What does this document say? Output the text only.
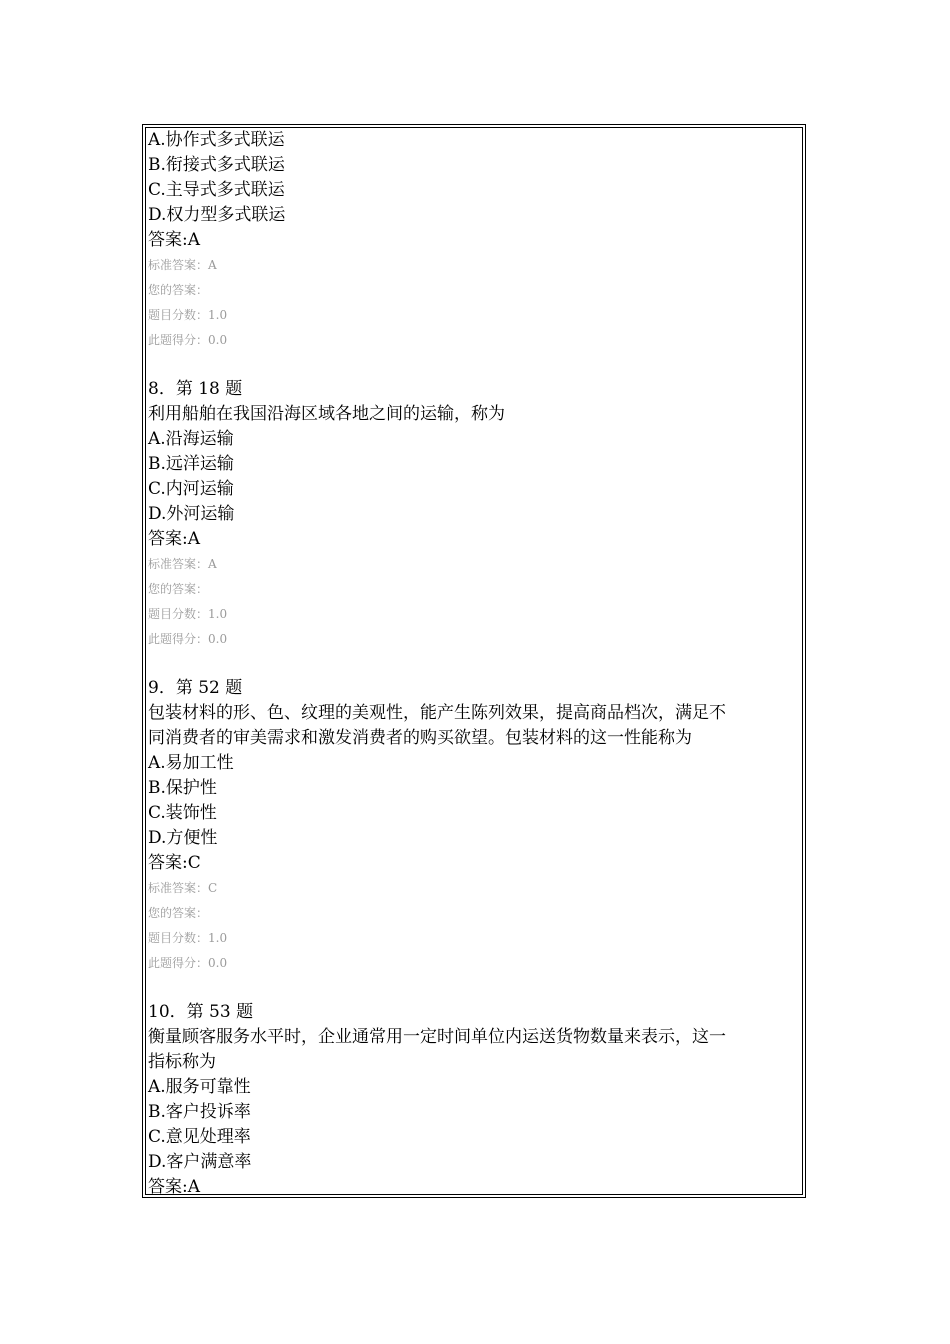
A.协作式多式联运
B.衔接式多式联运
C.主导式多式联运
D.权力型多式联运
答案:A
标准答案：A
您的答案：
题目分数：1.0
此题得分：0.0
8．第 18 题
利用船舶在我国沿海区域各地之间的运输，称为
A.沿海运输
B.远洋运输
C.内河运输
D.外河运输
答案:A
标准答案：A
您的答案：
题目分数：1.0
此题得分：0.0
9．第 52 题
包装材料的形、色、纹理的美观性，能产生陈列效果，提高商品档次，满足不
同消费者的审美需求和激发消费者的购买欲望。包装材料的这一性能称为
A.易加工性
B.保护性
C.装饰性
D.方便性
答案:C
标准答案：C
您的答案：
题目分数：1.0
此题得分：0.0
10．第 53 题
衡量顾客服务水平时，企业通常用一定时间单位内运送货物数量来表示，这一
指标称为
A.服务可靠性
B.客户投诉率
C.意见处理率
D.客户满意率
答案:A
